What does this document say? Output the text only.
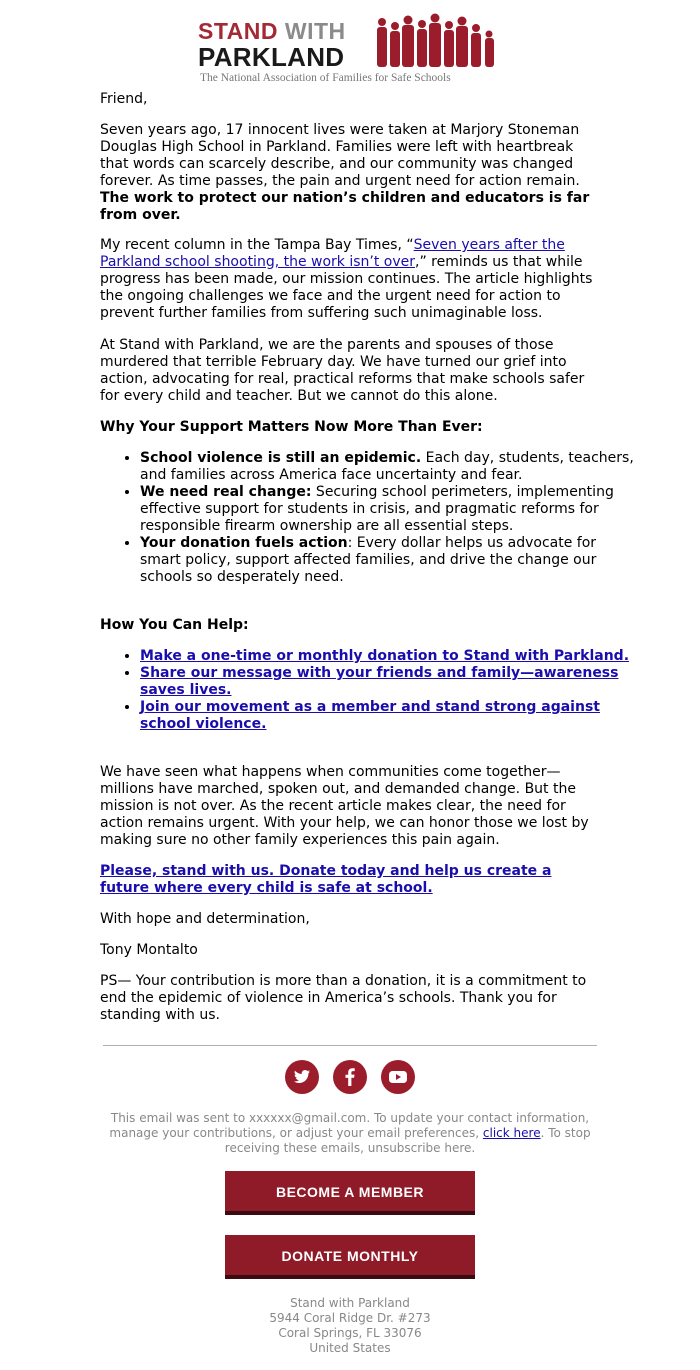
STAND WITH
PARKLAND
The National Association of Families for Safe Schools

Friend,

Seven years ago, 17 innocent lives were taken at Marjory Stoneman Douglas High School in Parkland. Families were left with heartbreak that words can scarcely describe, and our community was changed forever. As time passes, the pain and urgent need for action remain. The work to protect our nation’s children and educators is far from over.

My recent column in the Tampa Bay Times, “Seven years after the Parkland school shooting, the work isn’t over,” reminds us that while progress has been made, our mission continues. The article highlights the ongoing challenges we face and the urgent need for action to prevent further families from suffering such unimaginable loss.

At Stand with Parkland, we are the parents and spouses of those murdered that terrible February day. We have turned our grief into action, advocating for real, practical reforms that make schools safer for every child and teacher. But we cannot do this alone.

Why Your Support Matters Now More Than Ever:

• School violence is still an epidemic. Each day, students, teachers, and families across America face uncertainty and fear.
• We need real change: Securing school perimeters, implementing effective support for students in crisis, and pragmatic reforms for responsible firearm ownership are all essential steps.
• Your donation fuels action: Every dollar helps us advocate for smart policy, support affected families, and drive the change our schools so desperately need.

How You Can Help:

• Make a one-time or monthly donation to Stand with Parkland.
• Share our message with your friends and family—awareness saves lives.
• Join our movement as a member and stand strong against school violence.

We have seen what happens when communities come together—millions have marched, spoken out, and demanded change. But the mission is not over. As the recent article makes clear, the need for action remains urgent. With your help, we can honor those we lost by making sure no other family experiences this pain again.

Please, stand with us. Donate today and help us create a future where every child is safe at school.

With hope and determination,

Tony Montalto

PS— Your contribution is more than a donation, it is a commitment to end the epidemic of violence in America’s schools. Thank you for standing with us.

This email was sent to xxxxxx@gmail.com. To update your contact information, manage your contributions, or adjust your email preferences, click here. To stop receiving these emails, unsubscribe here.
BECOME A MEMBER
DONATE MONTHLY
Stand with Parkland
5944 Coral Ridge Dr. #273
Coral Springs, FL 33076
United States
